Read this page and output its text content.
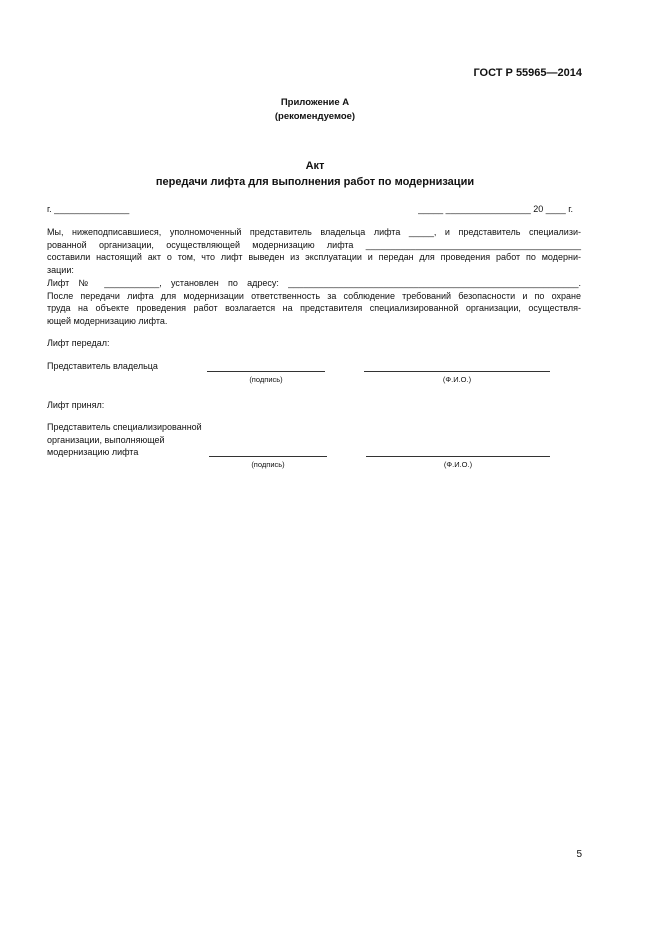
ГОСТ Р 55965—2014
Приложение А
(рекомендуемое)
Акт
передачи лифта для выполнения работ по модернизации
г. _______________	_____ _________________ 20 ____ г.

Мы, нижеподписавшиеся, уполномоченный представитель владельца лифта _____, и представитель специализи-
рованной организации, осуществляющей модернизацию лифта ___________________________________________
составили настоящий акт о том, что лифт выведен из эксплуатации и передан для проведения работ по модерни-
зации:

Лифт № ___________, установлен по адресу: __________________________________________________________.

После передачи лифта для модернизации ответственность за соблюдение требований безопасности и по охране
труда на объекте проведения работ возлагается на представителя специализированной организации, осуществля-
ющей модернизацию лифта.

Лифт передал:
Представитель владельца
(подпись)	(Ф.И.О.)
Лифт принял:
Представитель специализированной
организации, выполняющей
модернизацию лифта
(подпись)	(Ф.И.О.)
5
